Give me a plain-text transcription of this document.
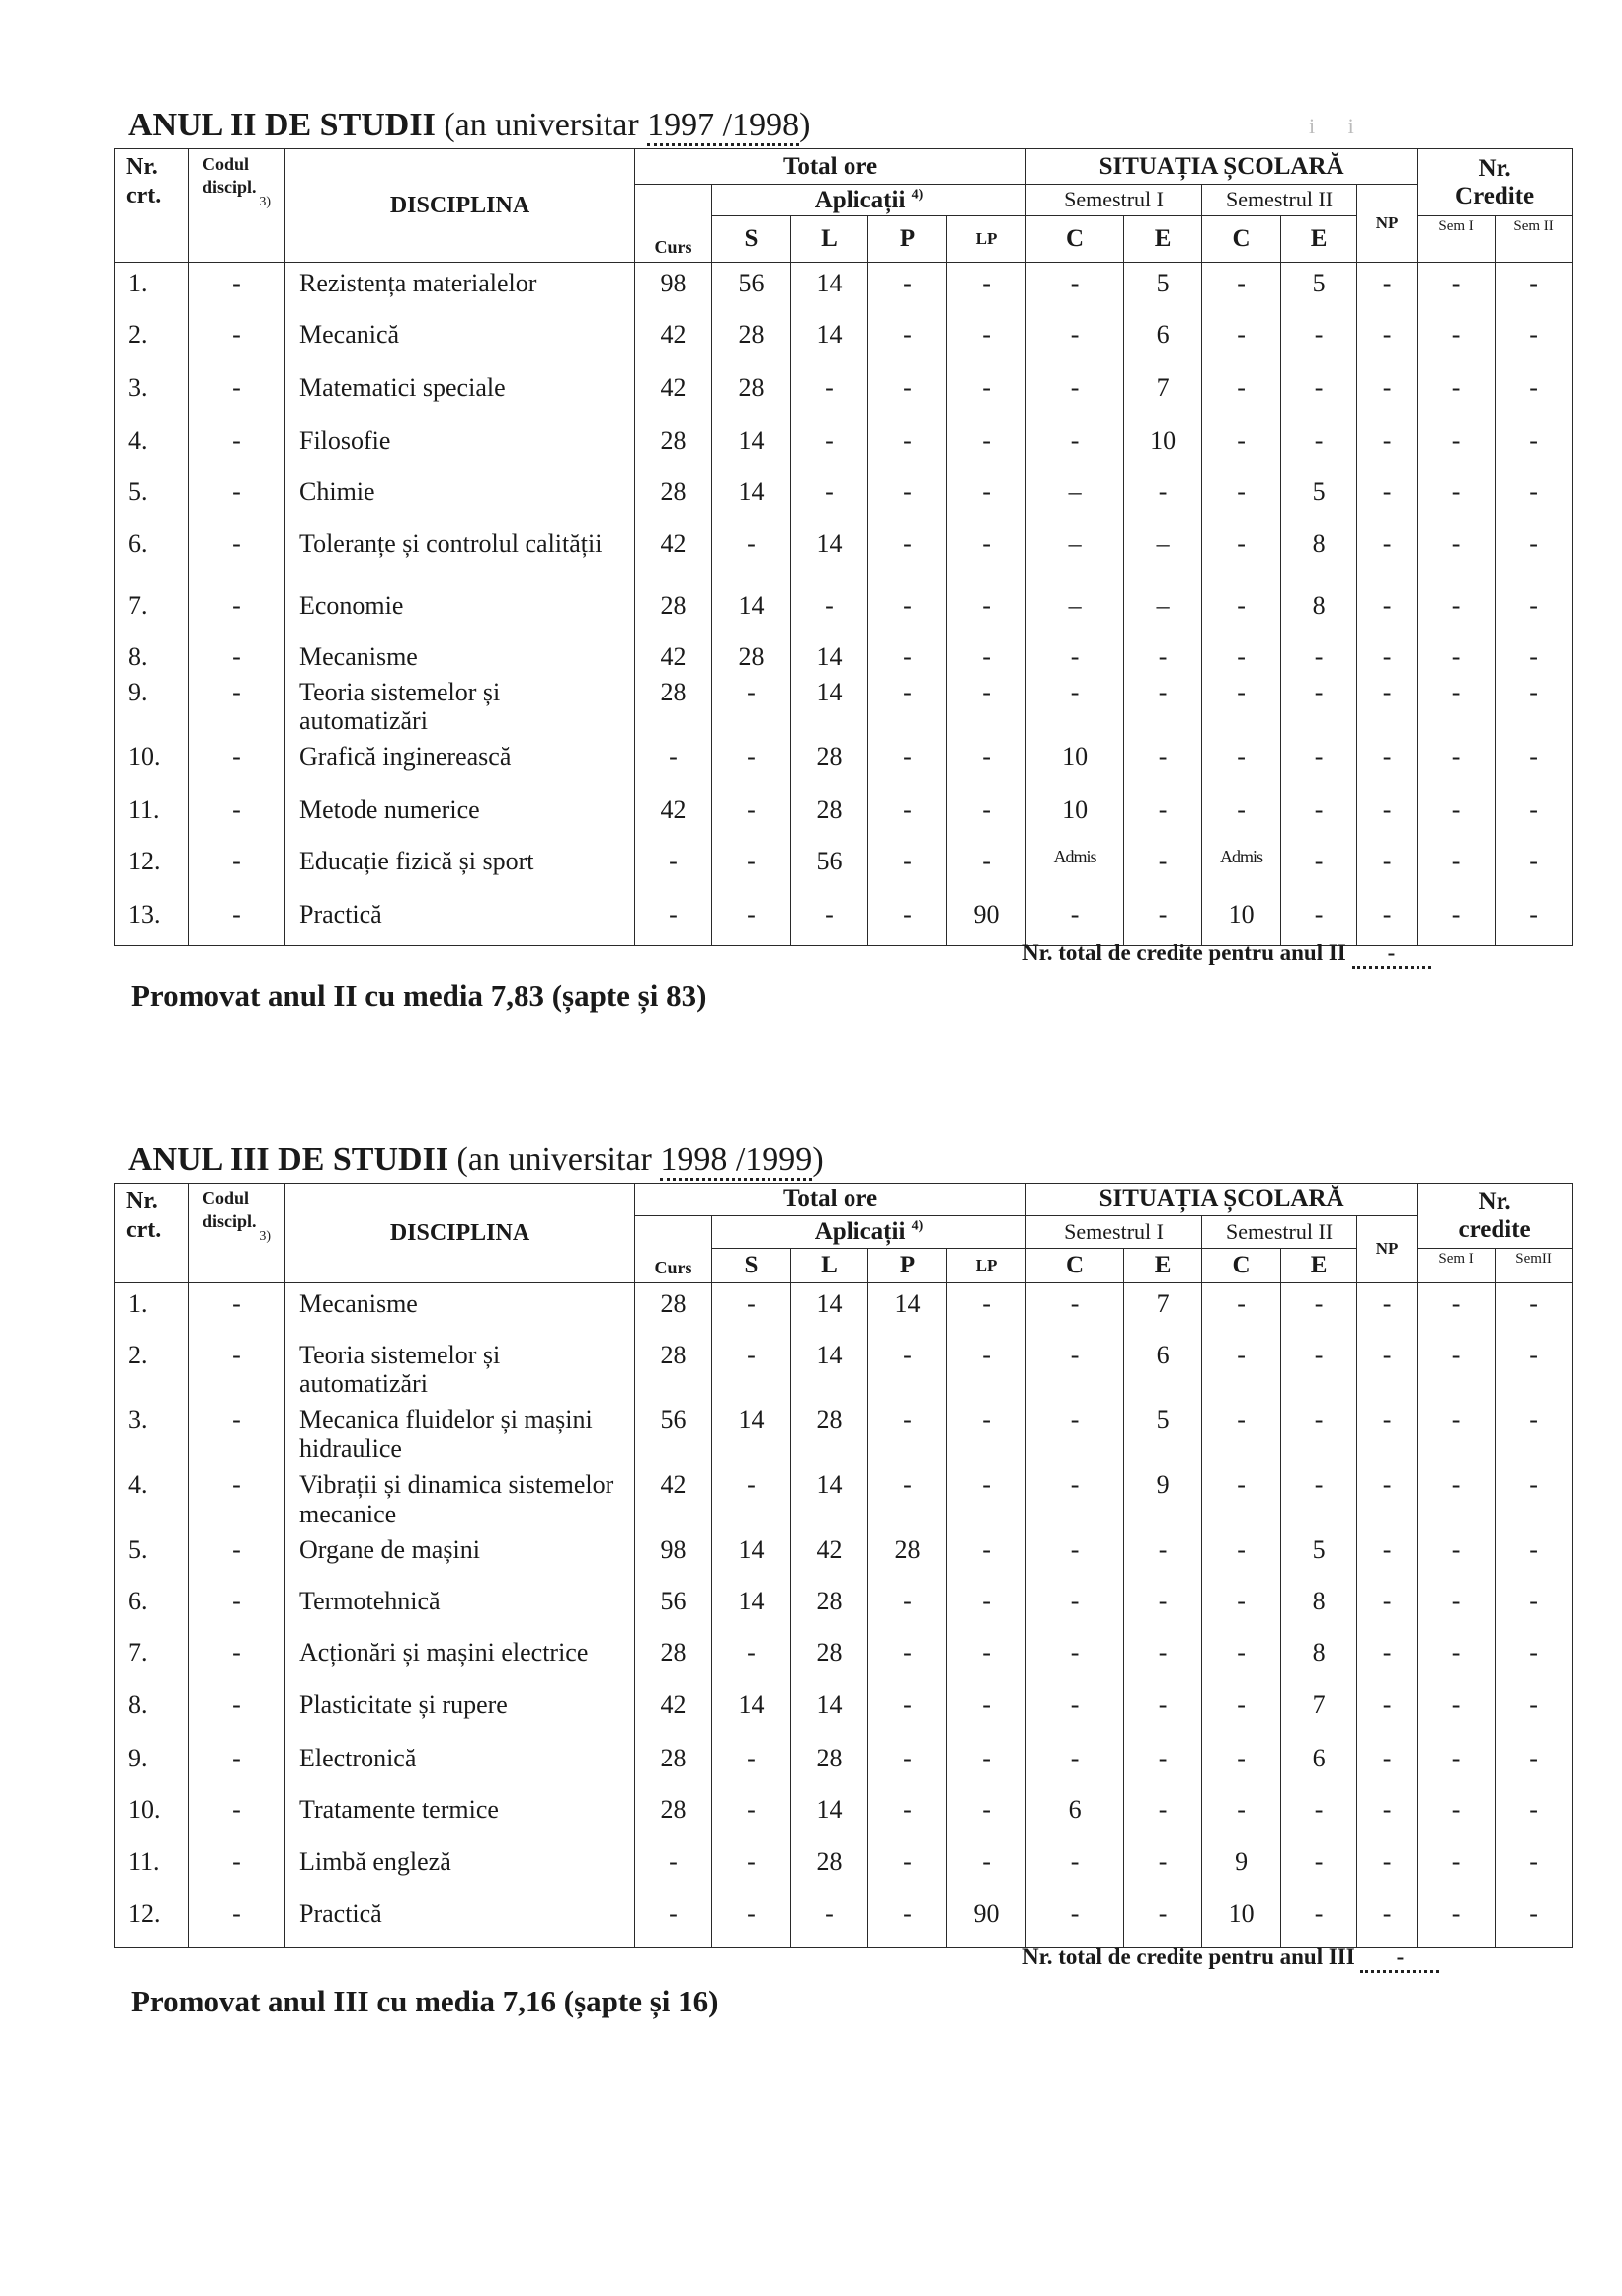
i i
ANUL II DE STUDII (an universitar 1997 /1998)
Nr.
crt.	Codul
discipl.
3)	DISCIPLINA	Total ore					SITUAȚIA ȘCOLARĂ					Nr.
Credite	
			Curs	Aplicații $^{4)}$				Semestrul I		Semestrul II		NP		
				S	L	P	LP	C	E	C	E		Sem I	Sem II
1.	-	Rezistența materialelor	98	56	14	-	-	-	5	-	5	-	-	-
2.	-	Mecanică	42	28	14	-	-	-	6	-	-	-	-	-
3.	-	Matematici speciale	42	28	-	-	-	-	7	-	-	-	-	-
4.	-	Filosofie	28	14	-	-	-	-	10	-	-	-	-	-
5.	-	Chimie	28	14	-	-	-	–	-	-	5	-	-	-
6.	-	Toleranțe și controlul calității	42	-	14	-	-	–	–	-	8	-	-	-
7.	-	Economie	28	14	-	-	-	–	–	-	8	-	-	-
8.	-	Mecanisme	42	28	14	-	-	-	-	-	-	-	-	-
9.	-	Teoria sistemelor și automatizări	28	-	14	-	-	-	-	-	-	-	-	-
10.	-	Grafică inginerească	-	-	28	-	-	10	-	-	-	-	-	-
11.	-	Metode numerice	42	-	28	-	-	10	-	-	-	-	-	-
12.	-	Educație fizică și sport	-	-	56	-	-	Admis	-	Admis	-	-	-	-
13.	-	Practică	-	-	-	-	90	-	-	10	-	-	-	-
Nr. total de credite pentru anul II -
Promovat anul II cu media 7,83 (șapte și 83)
ANUL III DE STUDII (an universitar 1998 /1999)
Nr.
crt.	Codul
discipl.
3)	DISCIPLINA	Total ore					SITUAȚIA ȘCOLARĂ					Nr.
credite	
			Curs	Aplicații $^{4)}$				Semestrul I		Semestrul II		NP		
				S	L	P	LP	C	E	C	E		Sem I	SemII
1.	-	Mecanisme	28	-	14	14	-	-	7	-	-	-	-	-
2.	-	Teoria sistemelor și automatizări	28	-	14	-	-	-	6	-	-	-	-	-
3.	-	Mecanica fluidelor și mașini hidraulice	56	14	28	-	-	-	5	-	-	-	-	-
4.	-	Vibrații și dinamica sistemelor mecanice	42	-	14	-	-	-	9	-	-	-	-	-
5.	-	Organe de mașini	98	14	42	28	-	-	-	-	5	-	-	-
6.	-	Termotehnică	56	14	28	-	-	-	-	-	8	-	-	-
7.	-	Acționări și mașini electrice	28	-	28	-	-	-	-	-	8	-	-	-
8.	-	Plasticitate și rupere	42	14	14	-	-	-	-	-	7	-	-	-
9.	-	Electronică	28	-	28	-	-	-	-	-	6	-	-	-
10.	-	Tratamente termice	28	-	14	-	-	6	-	-	-	-	-	-
11.	-	Limbă engleză	-	-	28	-	-	-	-	9	-	-	-	-
12.	-	Practică	-	-	-	-	90	-	-	10	-	-	-	-
Nr. total de credite pentru anul III -
Promovat anul III cu media 7,16 (șapte și 16)
